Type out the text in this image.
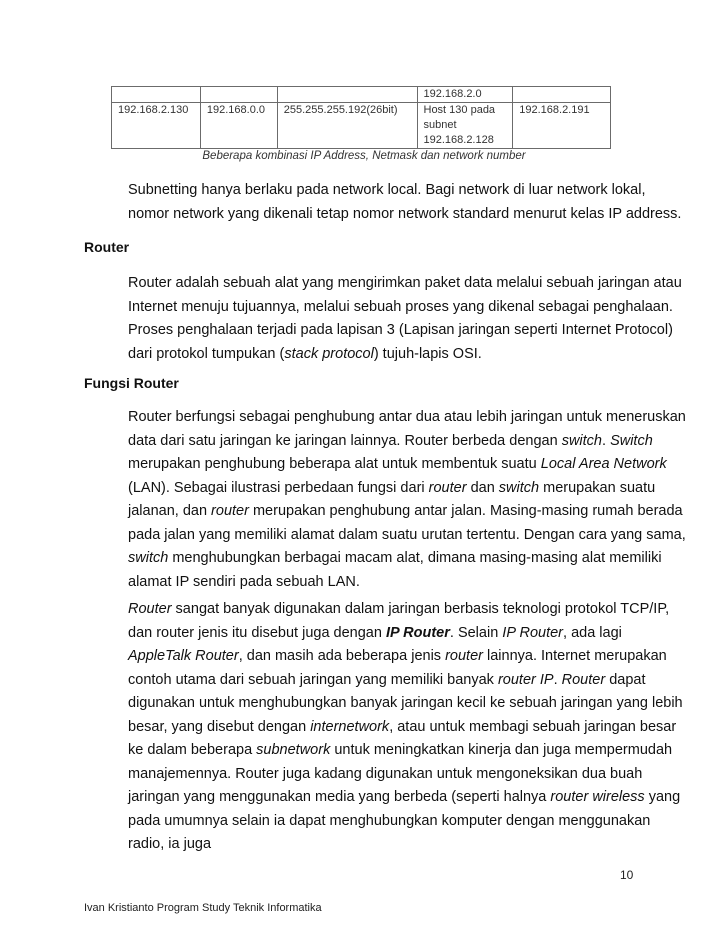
			192.168.2.0	
192.168.2.130	192.168.0.0	255.255.255.192(26bit)	Host 130 pada subnet 192.168.2.128	192.168.2.191
Beberapa kombinasi IP Address, Netmask dan network number

Subnetting hanya berlaku pada network local. Bagi network di luar network lokal, nomor network yang dikenali tetap nomor network standard menurut kelas IP address.

Router

Router adalah sebuah alat yang mengirimkan paket data melalui sebuah jaringan atau Internet menuju tujuannya, melalui sebuah proses yang dikenal sebagai penghalaan. Proses penghalaan terjadi pada lapisan 3 (Lapisan jaringan seperti Internet Protocol) dari protokol tumpukan (stack protocol) tujuh-lapis OSI.

Fungsi Router

Router berfungsi sebagai penghubung antar dua atau lebih jaringan untuk meneruskan data dari satu jaringan ke jaringan lainnya. Router berbeda dengan switch. Switch merupakan penghubung beberapa alat untuk membentuk suatu Local Area Network (LAN). Sebagai ilustrasi perbedaan fungsi dari router dan switch merupakan suatu jalanan, dan router merupakan penghubung antar jalan. Masing-masing rumah berada pada jalan yang memiliki alamat dalam suatu urutan tertentu. Dengan cara yang sama, switch menghubungkan berbagai macam alat, dimana masing-masing alat memiliki alamat IP sendiri pada sebuah LAN.

Router sangat banyak digunakan dalam jaringan berbasis teknologi protokol TCP/IP, dan router jenis itu disebut juga dengan IP Router. Selain IP Router, ada lagi AppleTalk Router, dan masih ada beberapa jenis router lainnya. Internet merupakan contoh utama dari sebuah jaringan yang memiliki banyak router IP. Router dapat digunakan untuk menghubungkan banyak jaringan kecil ke sebuah jaringan yang lebih besar, yang disebut dengan internetwork, atau untuk membagi sebuah jaringan besar ke dalam beberapa subnetwork untuk meningkatkan kinerja dan juga mempermudah manajemennya. Router juga kadang digunakan untuk mengoneksikan dua buah jaringan yang menggunakan media yang berbeda (seperti halnya router wireless yang pada umumnya selain ia dapat menghubungkan komputer dengan menggunakan radio, ia juga

10
Ivan Kristianto Program Study Teknik Informatika
